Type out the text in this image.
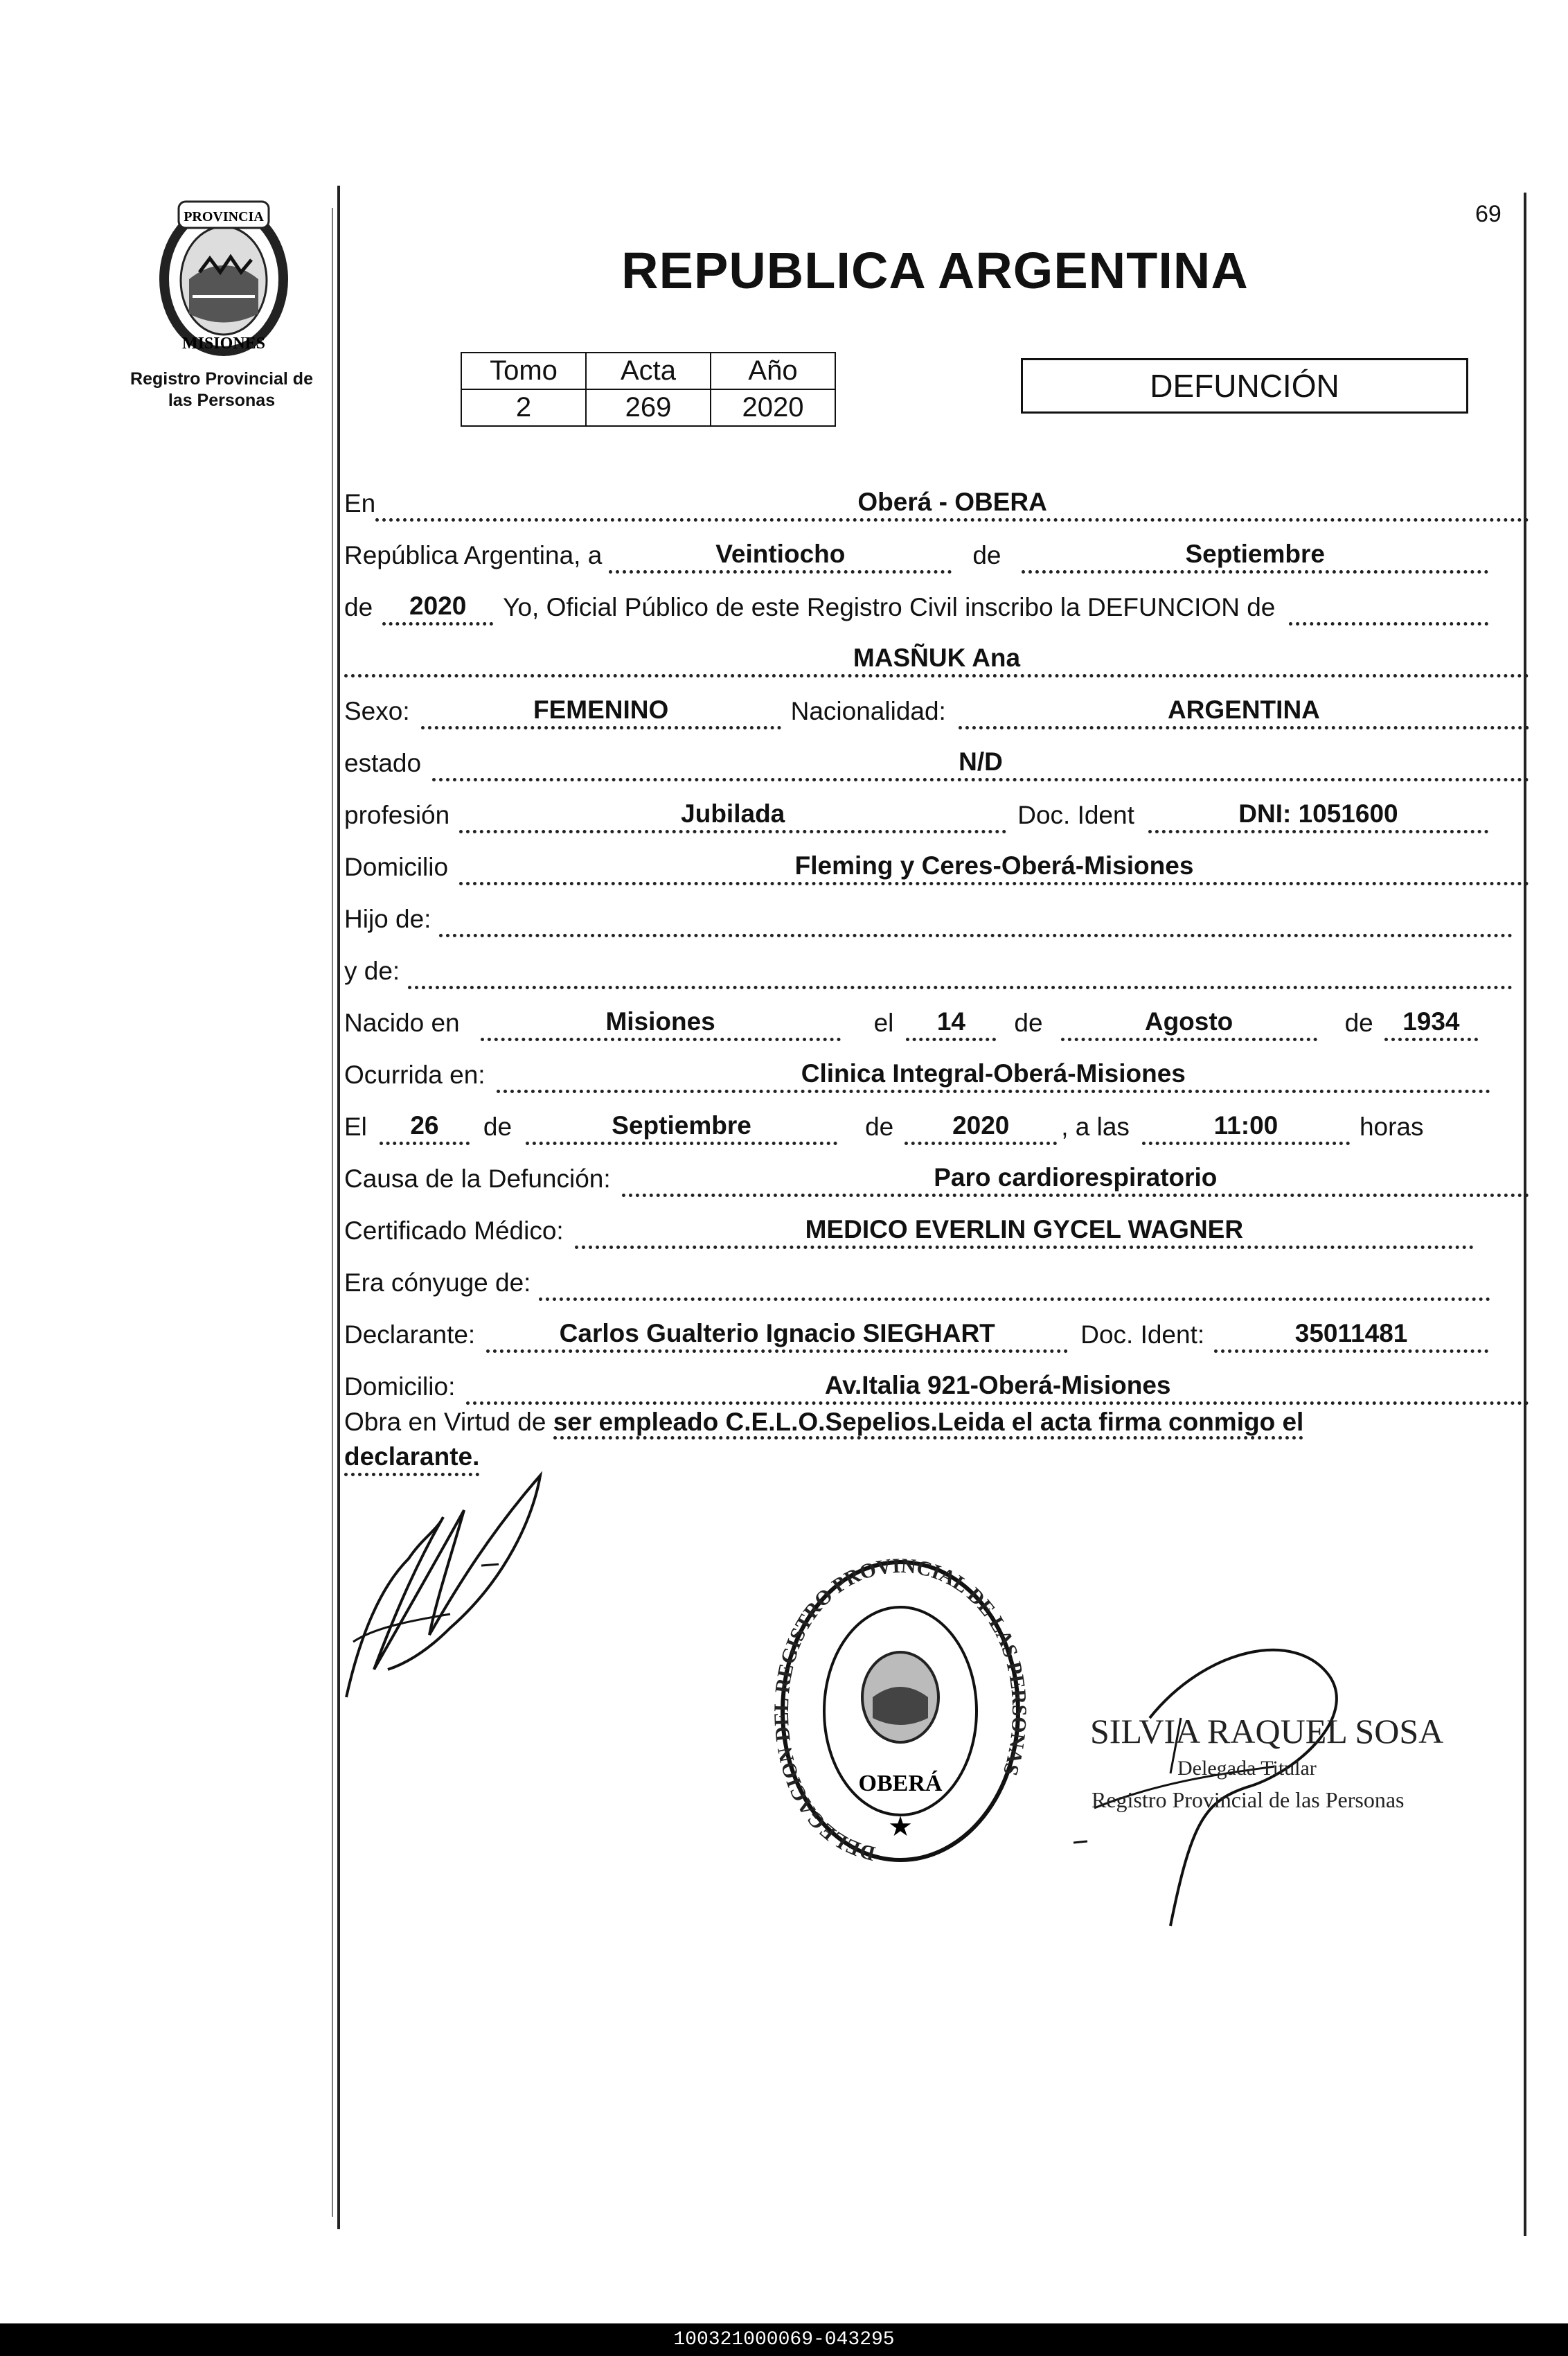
PROVINCIA
MISIONES
Registro Provincial de las Personas
69
REPUBLICA ARGENTINA
Tomo	Acta	Año
2	269	2020
DEFUNCIÓN
En	Oberá - OBERA
República Argentina, a	Veintiocho	de	Septiembre
de	2020	Yo, Oficial Público de este Registro Civil inscribo la DEFUNCION de
MASÑUK Ana
Sexo:	FEMENINO	Nacionalidad:	ARGENTINA
estado	N/D
profesión	Jubilada	Doc. Ident	DNI: 1051600
Domicilio	Fleming y Ceres-Oberá-Misiones
Hijo de:
y de:
Nacido en	Misiones	el	14	de	Agosto	de	1934
Ocurrida en:	Clinica Integral-Oberá-Misiones
El	26	de	Septiembre	de	2020	, a las	11:00	horas
Causa de la Defunción:	Paro cardiorespiratorio
Certificado Médico:	MEDICO EVERLIN GYCEL WAGNER
Era cónyuge de:
Declarante:	Carlos Gualterio Ignacio SIEGHART	Doc. Ident:	35011481
Domicilio:	Av.Italia 921-Oberá-Misiones
Obra en Virtud de ser empleado C.E.L.O.Sepelios.Leida el acta firma conmigo el
declarante.
DELEGACION DEL REGISTRO PROVINCIAL DE LAS PERSONAS
OBERÁ
★
SILVIA RAQUEL SOSA
Delegada Titular
Registro Provincial de las Personas
100321000069-043295
